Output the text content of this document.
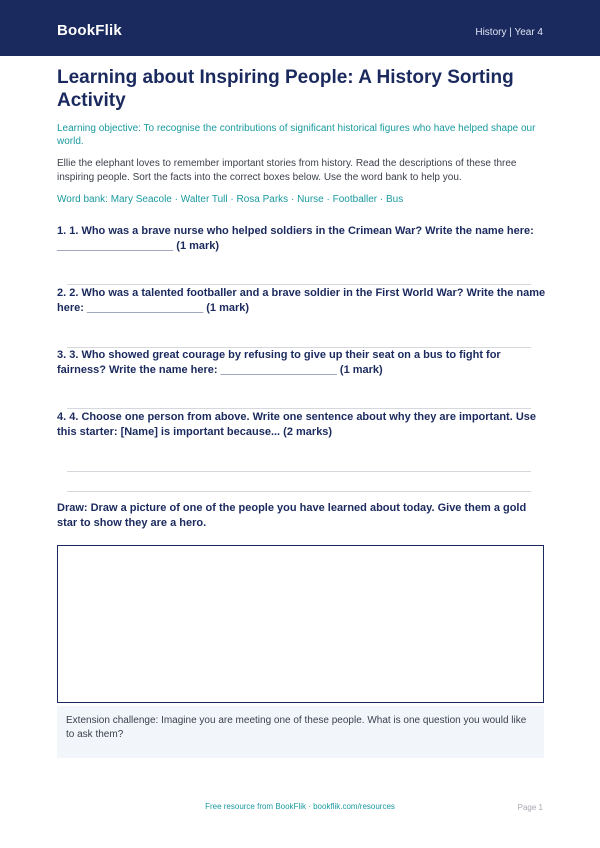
BookFlik	History | Year 4
Learning about Inspiring People: A History Sorting Activity
Learning objective: To recognise the contributions of significant historical figures who have helped shape our world.
Ellie the elephant loves to remember important stories from history. Read the descriptions of these three inspiring people. Sort the facts into the correct boxes below. Use the word bank to help you.
Word bank: Mary Seacole · Walter Tull · Rosa Parks · Nurse · Footballer · Bus
1. 1. Who was a brave nurse who helped soldiers in the Crimean War? Write the name here: ___________________ (1 mark)
2. 2. Who was a talented footballer and a brave soldier in the First World War? Write the name here: ___________________ (1 mark)
3. 3. Who showed great courage by refusing to give up their seat on a bus to fight for fairness? Write the name here: ___________________ (1 mark)
4. 4. Choose one person from above. Write one sentence about why they are important. Use this starter: [Name] is important because... (2 marks)
Draw: Draw a picture of one of the people you have learned about today. Give them a gold star to show they are a hero.
Extension challenge: Imagine you are meeting one of these people. What is one question you would like to ask them?
Free resource from BookFlik · bookflik.com/resources	Page 1
